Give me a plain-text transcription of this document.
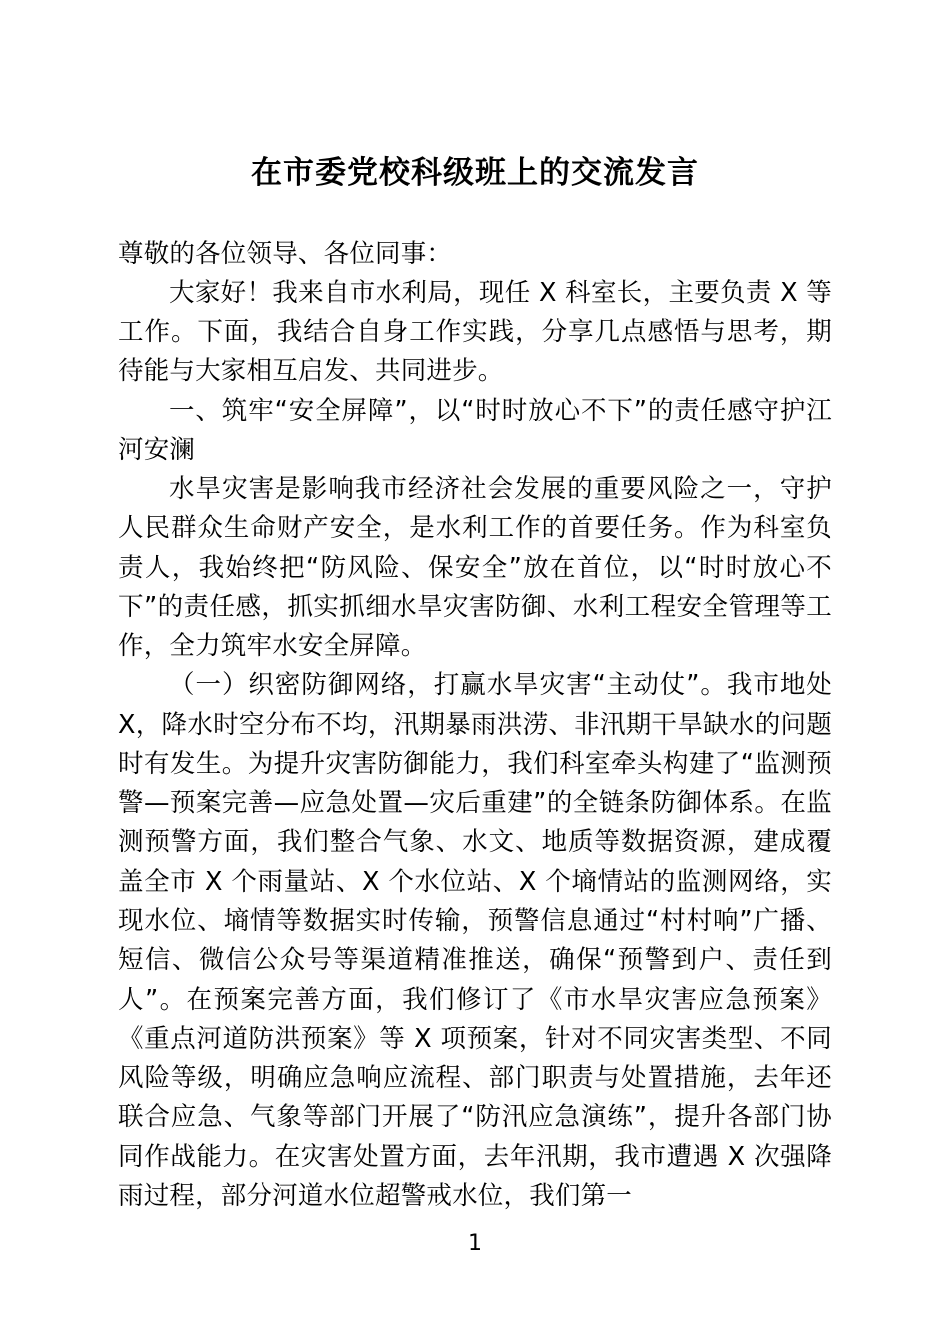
在市委党校科级班上的交流发言

尊敬的各位领导、各位同事：

大家好！我来自市水利局，现任 X 科室长，主要负责 X 等工作。下面，我结合自身工作实践，分享几点感悟与思考，期待能与大家相互启发、共同进步。

一、筑牢“安全屏障”，以“时时放心不下”的责任感守护江河安澜

水旱灾害是影响我市经济社会发展的重要风险之一，守护人民群众生命财产安全，是水利工作的首要任务。作为科室负责人，我始终把“防风险、保安全”放在首位，以“时时放心不下”的责任感，抓实抓细水旱灾害防御、水利工程安全管理等工作，全力筑牢水安全屏障。

（一）织密防御网络，打赢水旱灾害“主动仗”。我市地处 X，降水时空分布不均，汛期暴雨洪涝、非汛期干旱缺水的问题时有发生。为提升灾害防御能力，我们科室牵头构建了“监测预警—预案完善—应急处置—灾后重建”的全链条防御体系。在监测预警方面，我们整合气象、水文、地质等数据资源，建成覆盖全市 X 个雨量站、X 个水位站、X 个墒情站的监测网络，实现水位、墒情等数据实时传输，预警信息通过“村村响”广播、短信、微信公众号等渠道精准推送，确保“预警到户、责任到人”。在预案完善方面，我们修订了《市水旱灾害应急预案》《重点河道防洪预案》等 X 项预案，针对不同灾害类型、不同风险等级，明确应急响应流程、部门职责与处置措施，去年还联合应急、气象等部门开展了“防汛应急演练”，提升各部门协同作战能力。在灾害处置方面，去年汛期，我市遭遇 X 次强降雨过程，部分河道水位超警戒水位，我们第一

1
